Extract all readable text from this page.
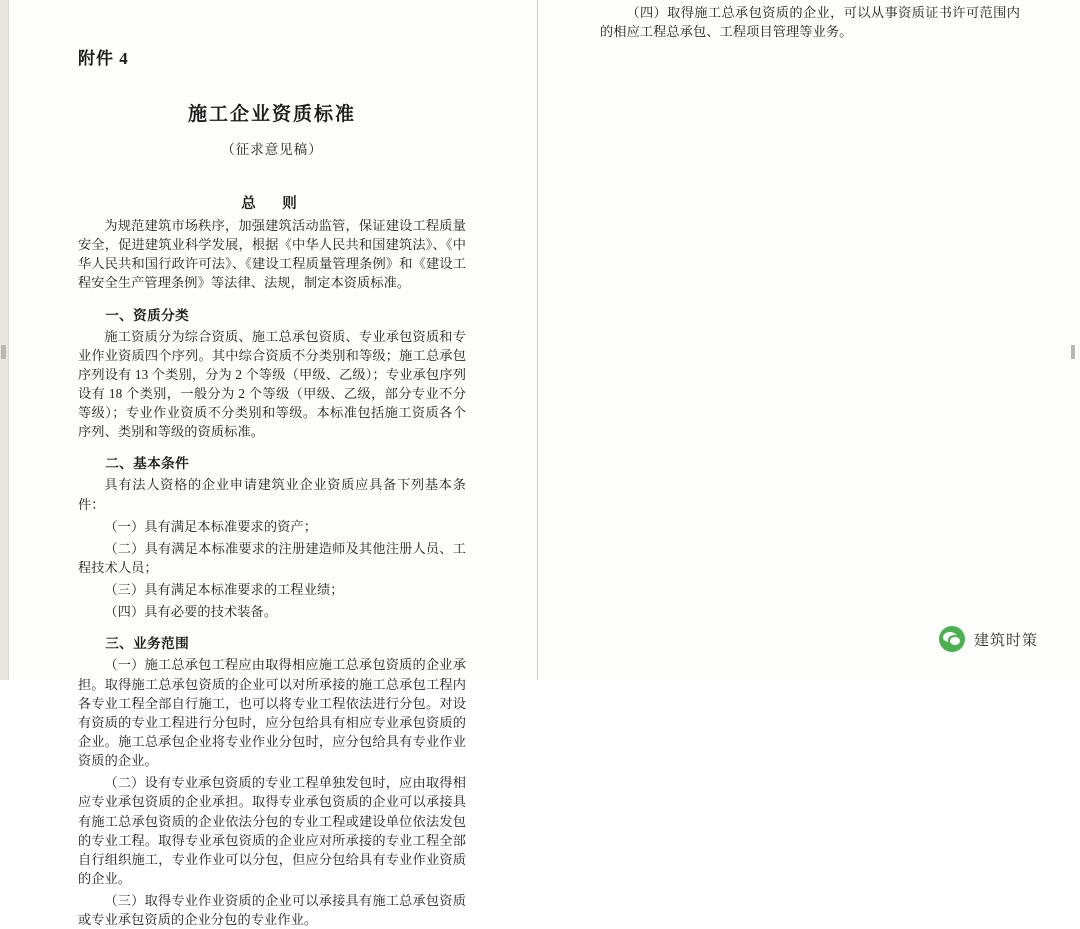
附件 4
施工企业资质标准
（征求意见稿）
总　则

为规范建筑市场秩序，加强建筑活动监管，保证建设工程质量安全，促进建筑业科学发展，根据《中华人民共和国建筑法》、《中华人民共和国行政许可法》、《建设工程质量管理条例》和《建设工程安全生产管理条例》等法律、法规，制定本资质标准。

一、资质分类

施工资质分为综合资质、施工总承包资质、专业承包资质和专业作业资质四个序列。其中综合资质不分类别和等级；施工总承包序列设有 13 个类别，分为 2 个等级（甲级、乙级）；专业承包序列设有 18 个类别，一般分为 2 个等级（甲级、乙级，部分专业不分等级）；专业作业资质不分类别和等级。本标准包括施工资质各个序列、类别和等级的资质标准。

二、基本条件

具有法人资格的企业申请建筑业企业资质应具备下列基本条件：

（一）具有满足本标准要求的资产；

（二）具有满足本标准要求的注册建造师及其他注册人员、工程技术人员；

（三）具有满足本标准要求的工程业绩；

（四）具有必要的技术装备。

三、业务范围

（一）施工总承包工程应由取得相应施工总承包资质的企业承担。取得施工总承包资质的企业可以对所承接的施工总承包工程内各专业工程全部自行施工，也可以将专业工程依法进行分包。对设有资质的专业工程进行分包时，应分包给具有相应专业承包资质的企业。施工总承包企业将专业作业分包时，应分包给具有专业作业资质的企业。

（二）设有专业承包资质的专业工程单独发包时，应由取得相应专业承包资质的企业承担。取得专业承包资质的企业可以承接具有施工总承包资质的企业依法分包的专业工程或建设单位依法发包的专业工程。取得专业承包资质的企业应对所承接的专业工程全部自行组织施工，专业作业可以分包，但应分包给具有专业作业资质的企业。

（三）取得专业作业资质的企业可以承接具有施工总承包资质或专业承包资质的企业分包的专业作业。

（四）取得施工总承包资质的企业，可以从事资质证书许可范围内的相应工程总承包、工程项目管理等业务。

建筑时策
